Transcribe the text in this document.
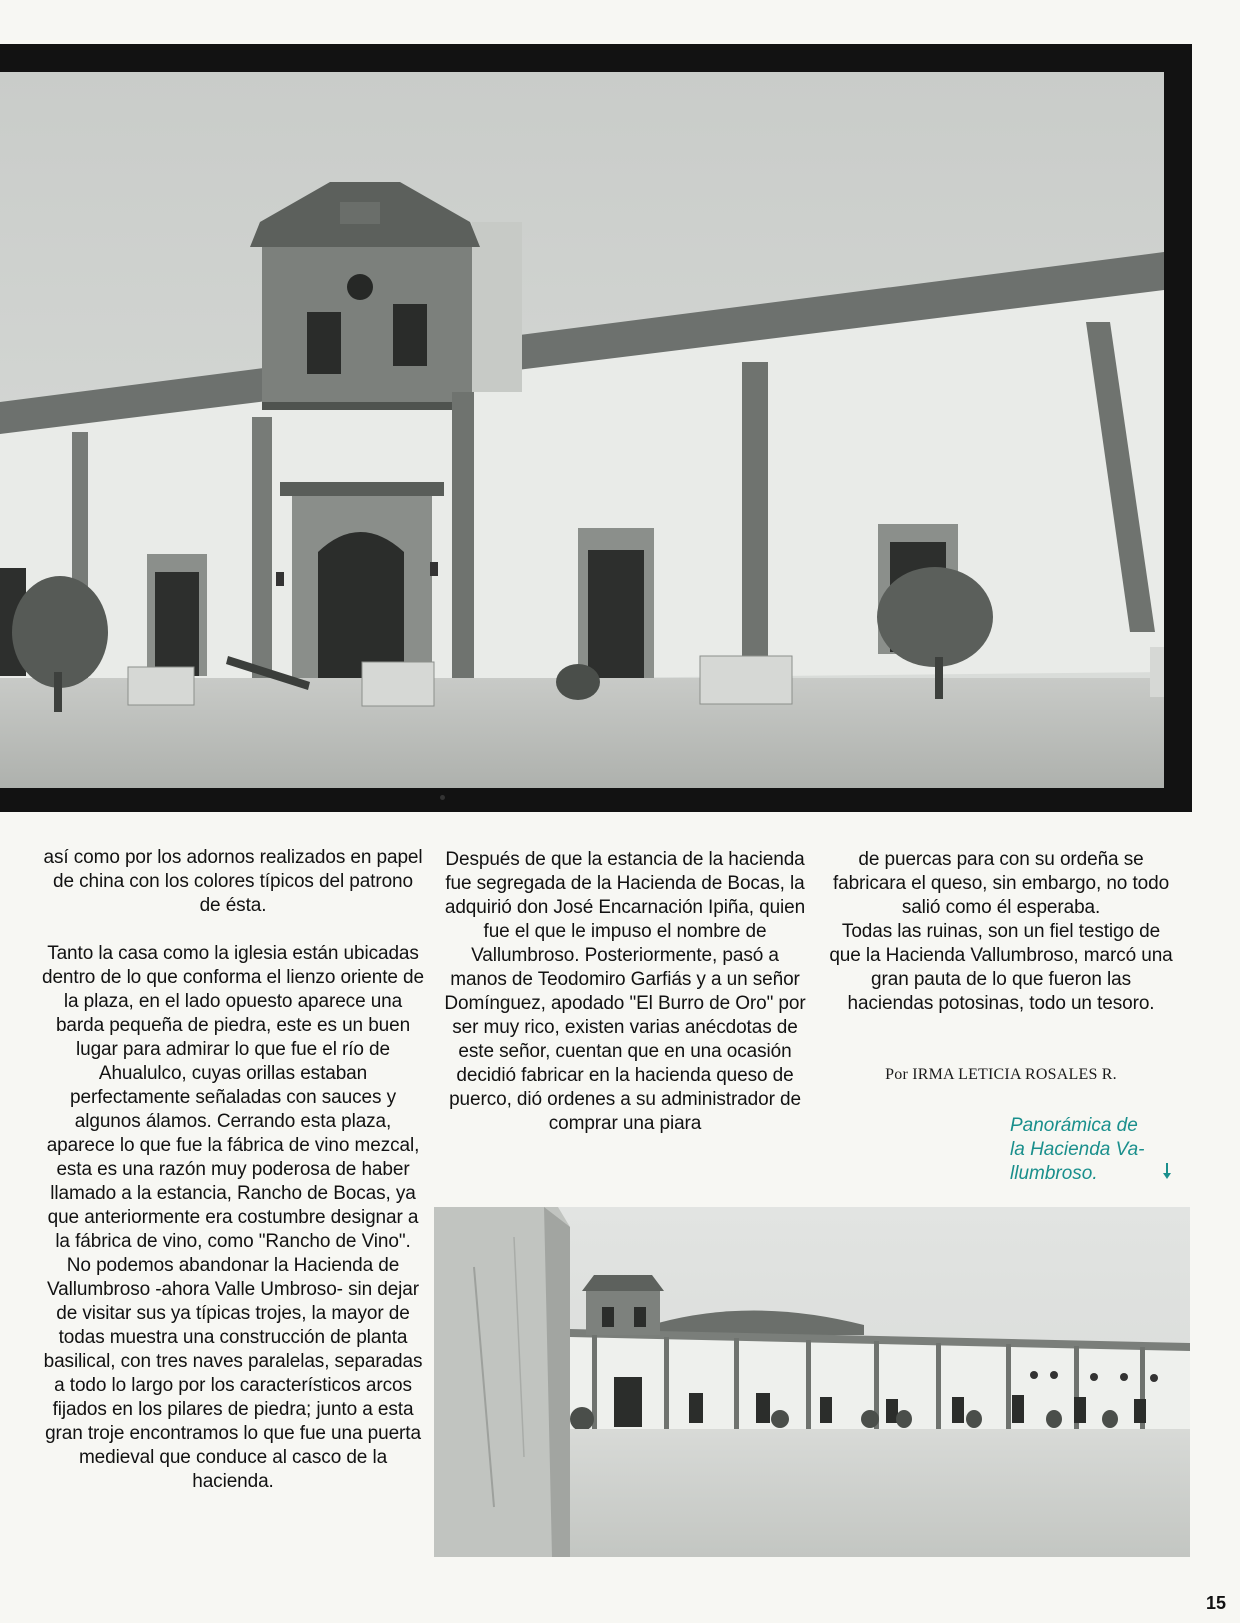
así como por los adornos realizados en papel de china con los colores típicos del patrono de ésta.

Tanto la casa como la iglesia están ubicadas dentro de lo que conforma el lienzo oriente de la plaza, en el lado opuesto aparece una barda pequeña de piedra, este es un buen lugar para admirar lo que fue el río de Ahualulco, cuyas orillas estaban perfectamente señaladas con sauces y algunos álamos. Cerrando esta plaza, aparece lo que fue la fábrica de vino mezcal, esta es una razón muy poderosa de haber llamado a la estancia, Rancho de Bocas, ya que anteriormente era costumbre designar a la fábrica de vino, como "Rancho de Vino".

No podemos abandonar la Hacienda de Vallumbroso -ahora Valle Umbroso- sin dejar de visitar sus ya típicas trojes, la mayor de todas muestra una construcción de planta basilical, con tres naves paralelas, separadas a todo lo largo por los característicos arcos fijados en los pilares de piedra; junto a esta gran troje encontramos lo que fue una puerta medieval que conduce al casco de la hacienda.

Después de que la estancia de la hacienda fue segregada de la Hacienda de Bocas, la adquirió don José Encarnación Ipiña, quien fue el que le impuso el nombre de Vallumbroso. Posteriormente, pasó a manos de Teodomiro Garfiás y a un señor Domínguez, apodado "El Burro de Oro" por ser muy rico, existen varias anécdotas de este señor, cuentan que en una ocasión decidió fabricar en la hacienda queso de puerco, dió ordenes a su administrador de comprar una piara

de puercas para con su ordeña se fabricara el queso, sin embargo, no todo salió como él esperaba.

Todas las ruinas, son un fiel testigo de que la Hacienda Vallumbroso, marcó una gran pauta de lo que fueron las haciendas potosinas, todo un tesoro.

Por IRMA LETICIA ROSALES R.
Panorámica de
la Hacienda Va-
llumbroso.
15
